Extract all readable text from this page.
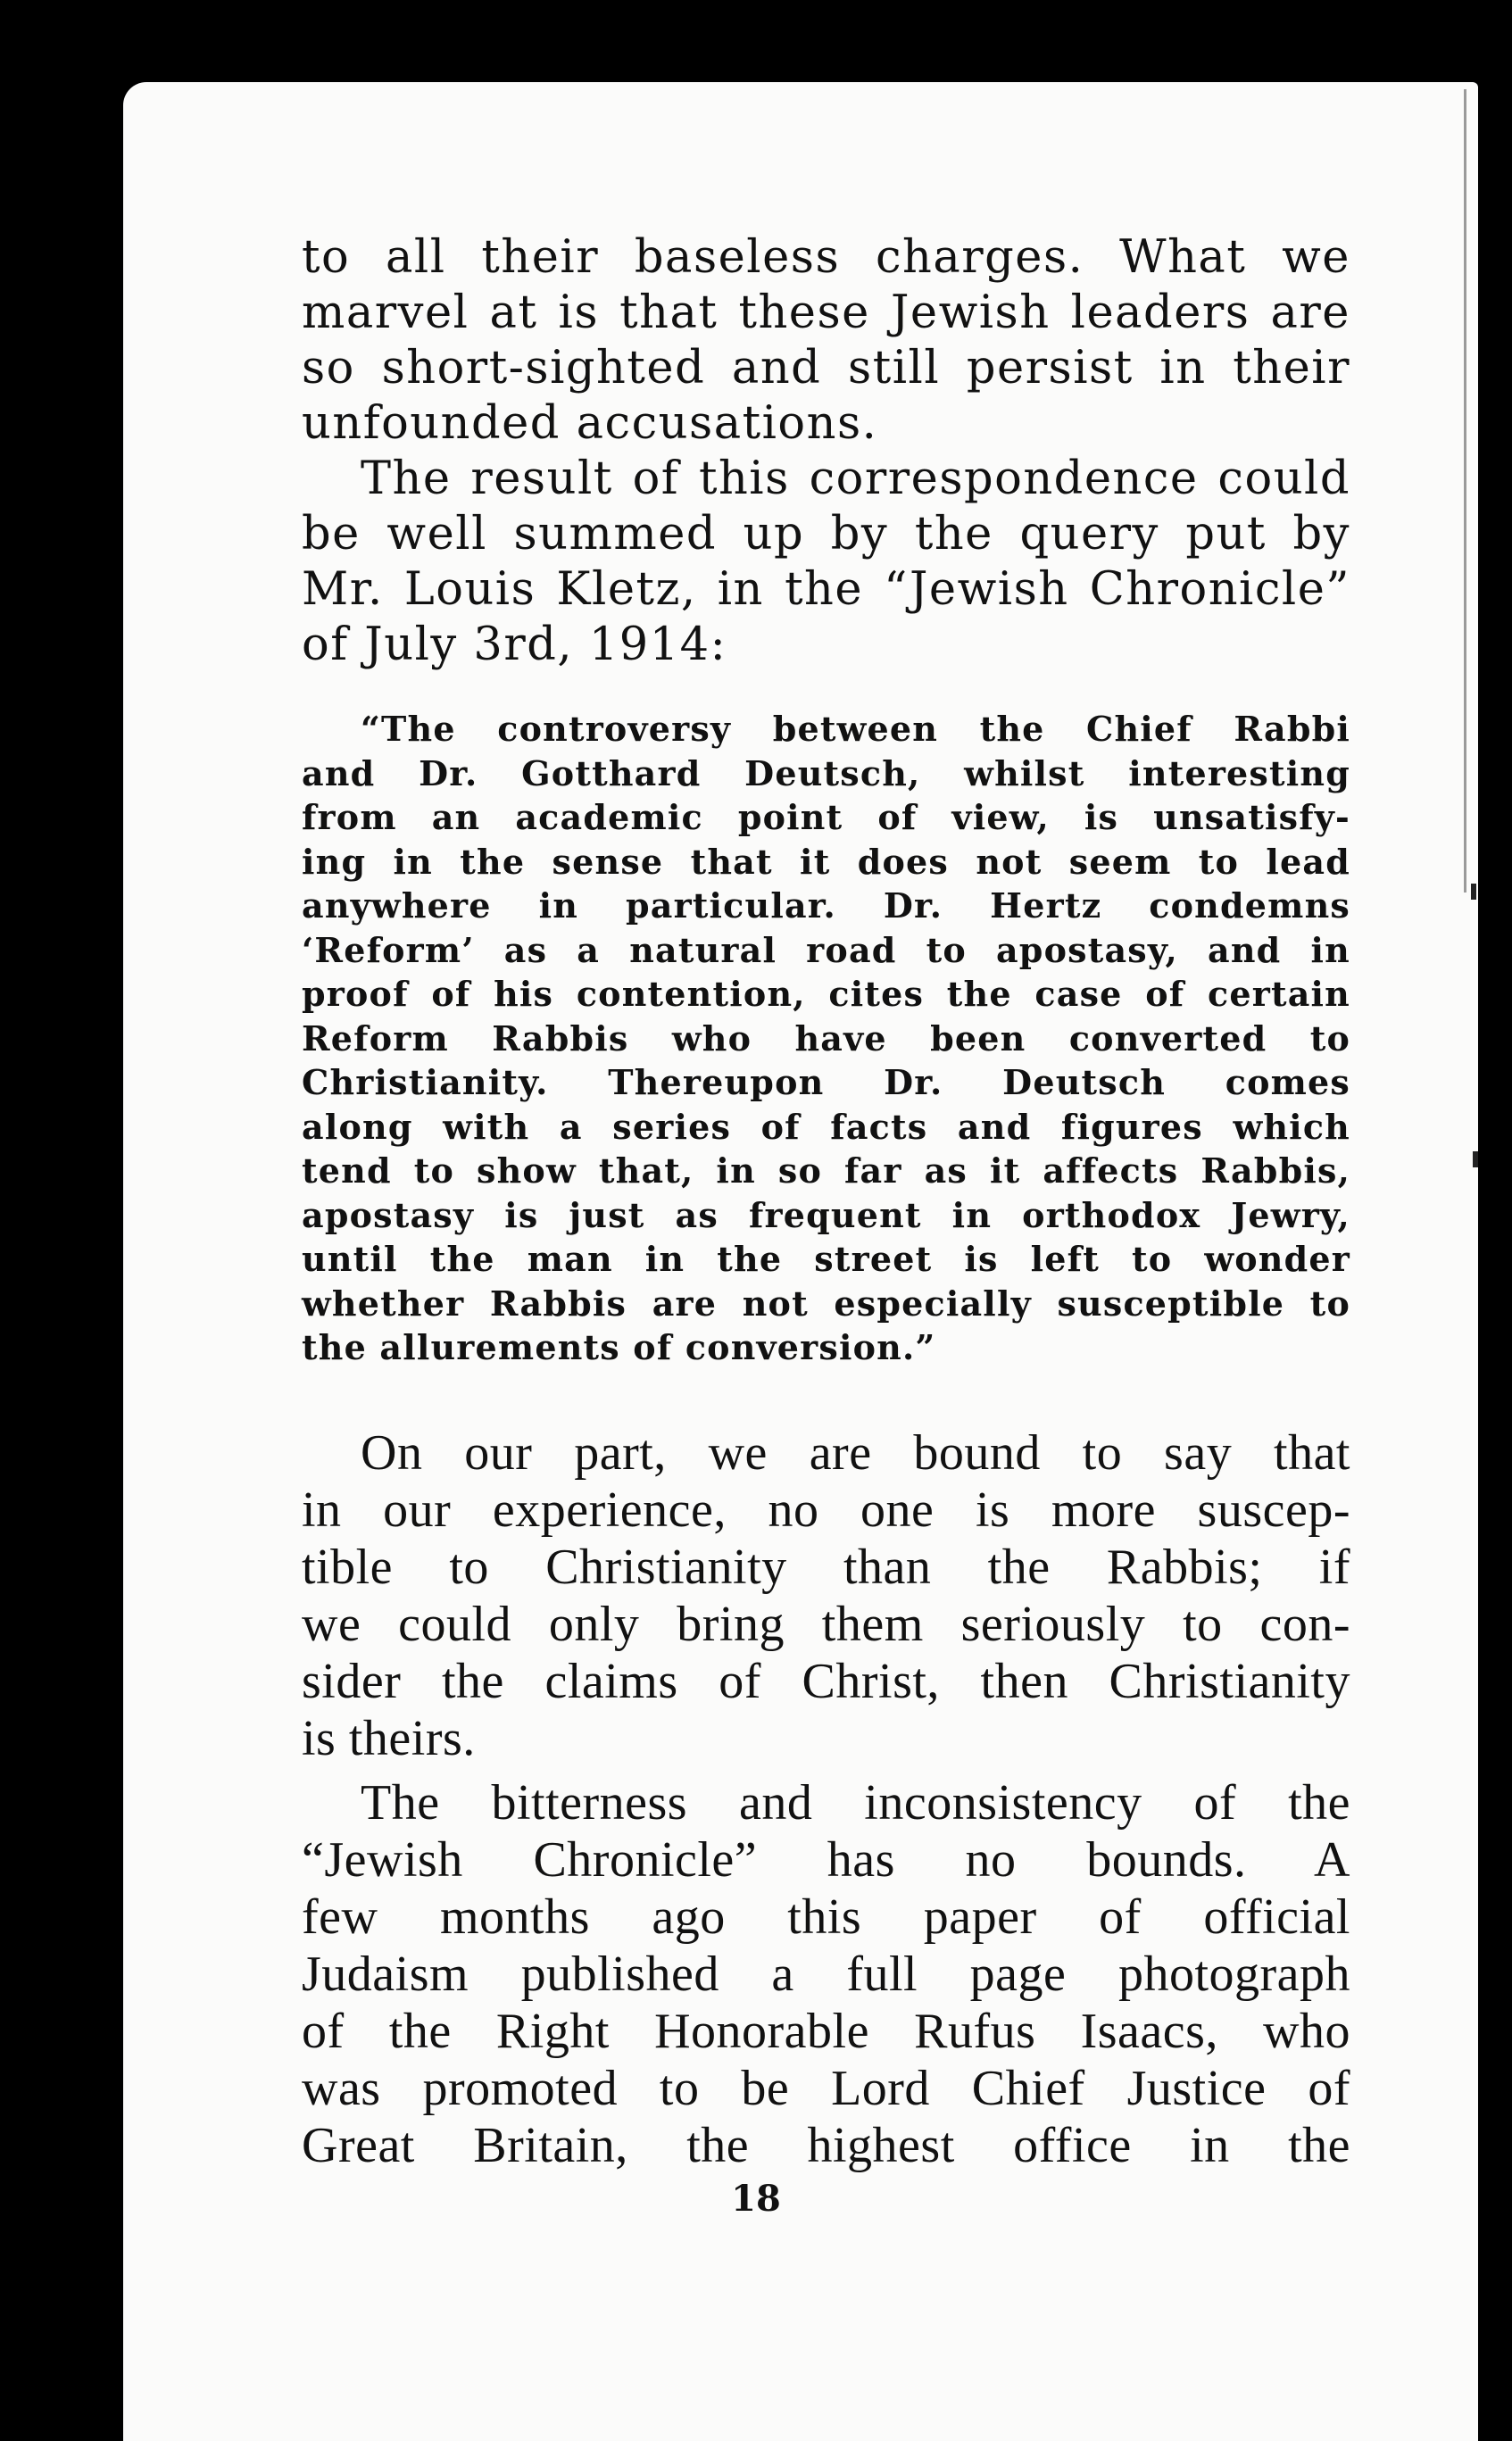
to all their baseless charges. What we
marvel at is that these Jewish leaders are
so short-sighted and still persist in their
unfounded accusations.
The result of this correspondence could
be well summed up by the query put by
Mr. Louis Kletz, in the “Jewish Chronicle”
of July 3rd, 1914:
“The controversy between the Chief Rabbi
and Dr. Gotthard Deutsch, whilst interesting
from an academic point of view, is unsatisfy-
ing in the sense that it does not seem to lead
anywhere in particular. Dr. Hertz condemns
‘Reform’ as a natural road to apostasy, and in
proof of his contention, cites the case of certain
Reform Rabbis who have been converted to
Christianity. Thereupon Dr. Deutsch comes
along with a series of facts and figures which
tend to show that, in so far as it affects Rabbis,
apostasy is just as frequent in orthodox Jewry,
until the man in the street is left to wonder
whether Rabbis are not especially susceptible to
the allurements of conversion.”
On our part, we are bound to say that
in our experience, no one is more suscep-
tible to Christianity than the Rabbis; if
we could only bring them seriously to con-
sider the claims of Christ, then Christianity
is theirs.
The bitterness and inconsistency of the
“Jewish Chronicle” has no bounds. A
few months ago this paper of official
Judaism published a full page photograph
of the Right Honorable Rufus Isaacs, who
was promoted to be Lord Chief Justice of
Great Britain, the highest office in the

18
